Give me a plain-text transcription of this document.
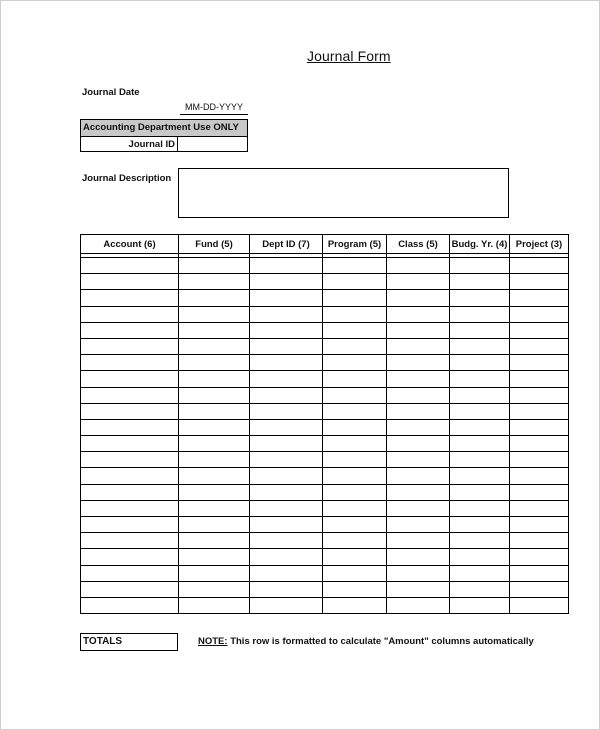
Journal Form
Journal Date
MM-DD-YYYY
Accounting Department Use ONLY
Journal ID
Journal Description
Account (6)	Fund (5)	Dept ID (7)	Program (5)	Class (5)	Budg. Yr. (4)	Project (3)

TOTALS	NOTE: This row is formatted to calculate "Amount" columns automatically
